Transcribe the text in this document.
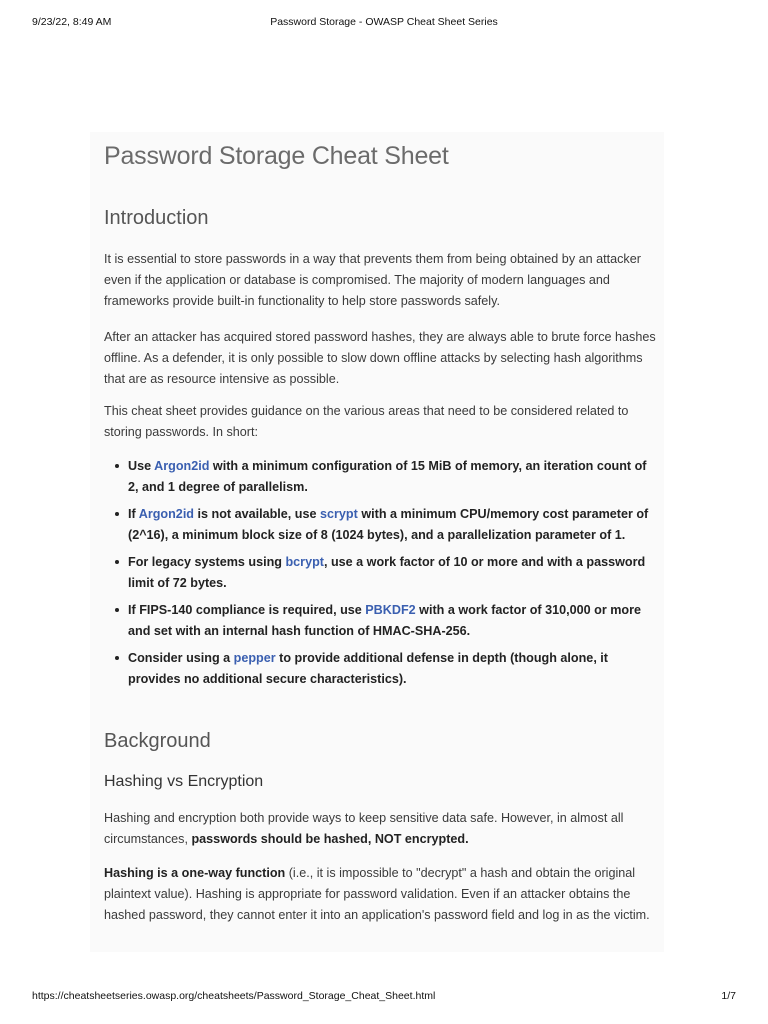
9/23/22, 8:49 AM	Password Storage - OWASP Cheat Sheet Series
Password Storage Cheat Sheet
Introduction

It is essential to store passwords in a way that prevents them from being obtained by an attacker even if the application or database is compromised. The majority of modern languages and frameworks provide built-in functionality to help store passwords safely.

After an attacker has acquired stored password hashes, they are always able to brute force hashes offline. As a defender, it is only possible to slow down offline attacks by selecting hash algorithms that are as resource intensive as possible.

This cheat sheet provides guidance on the various areas that need to be considered related to storing passwords. In short:

Use Argon2id with a minimum configuration of 15 MiB of memory, an iteration count of 2, and 1 degree of parallelism.
If Argon2id is not available, use scrypt with a minimum CPU/memory cost parameter of (2^16), a minimum block size of 8 (1024 bytes), and a parallelization parameter of 1.
For legacy systems using bcrypt, use a work factor of 10 or more and with a password limit of 72 bytes.
If FIPS-140 compliance is required, use PBKDF2 with a work factor of 310,000 or more and set with an internal hash function of HMAC-SHA-256.
Consider using a pepper to provide additional defense in depth (though alone, it provides no additional secure characteristics).
Background
Hashing vs Encryption

Hashing and encryption both provide ways to keep sensitive data safe. However, in almost all circumstances, passwords should be hashed, NOT encrypted.

Hashing is a one-way function (i.e., it is impossible to "decrypt" a hash and obtain the original plaintext value). Hashing is appropriate for password validation. Even if an attacker obtains the hashed password, they cannot enter it into an application's password field and log in as the victim.

https://cheatsheetseries.owasp.org/cheatsheets/Password_Storage_Cheat_Sheet.html	1/7
